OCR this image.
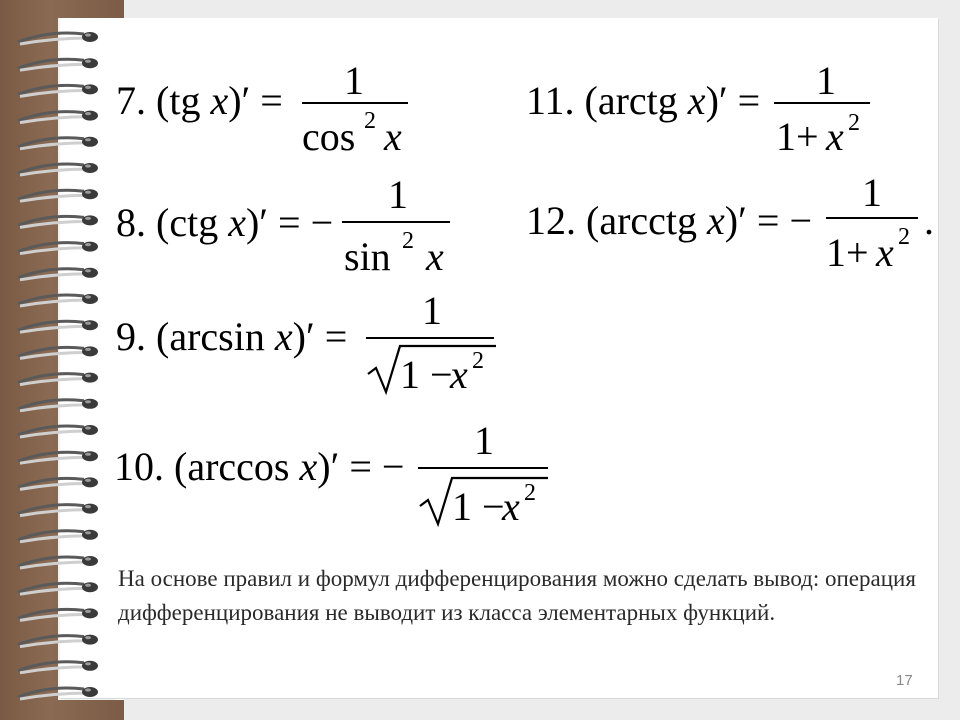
7. (tg x)′ = 1
cos 2 x
8. (ctg x)′ = −
1
sin 2 x
9. (arcsin x)′ =
1
1 −
x 2
10. (arccos x)′ = −
1
1 −
x 2
11. (arctg x)′ = 1
1+ x 2
12. (arcctg x)′ = −
1
1+ x 2 .
На основе правил и формул дифференцирования можно сделать вывод: операция дифференцирования не выводит из класса элементарных функций.
17
